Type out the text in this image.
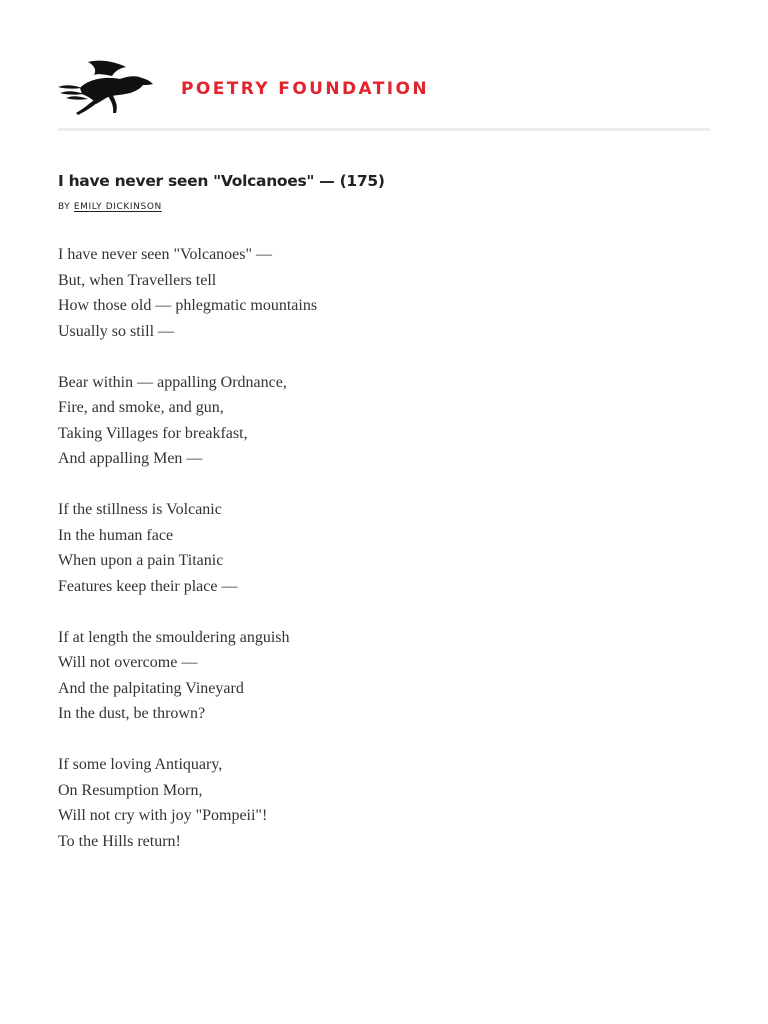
POETRY FOUNDATION
I have never seen "Volcanoes" — (175)
BY EMILY DICKINSON
I have never seen "Volcanoes" —
But, when Travellers tell
How those old — phlegmatic mountains
Usually so still —
Bear within — appalling Ordnance,
Fire, and smoke, and gun,
Taking Villages for breakfast,
And appalling Men —
If the stillness is Volcanic
In the human face
When upon a pain Titanic
Features keep their place —
If at length the smouldering anguish
Will not overcome —
And the palpitating Vineyard
In the dust, be thrown?
If some loving Antiquary,
On Resumption Morn,
Will not cry with joy "Pompeii"!
To the Hills return!
